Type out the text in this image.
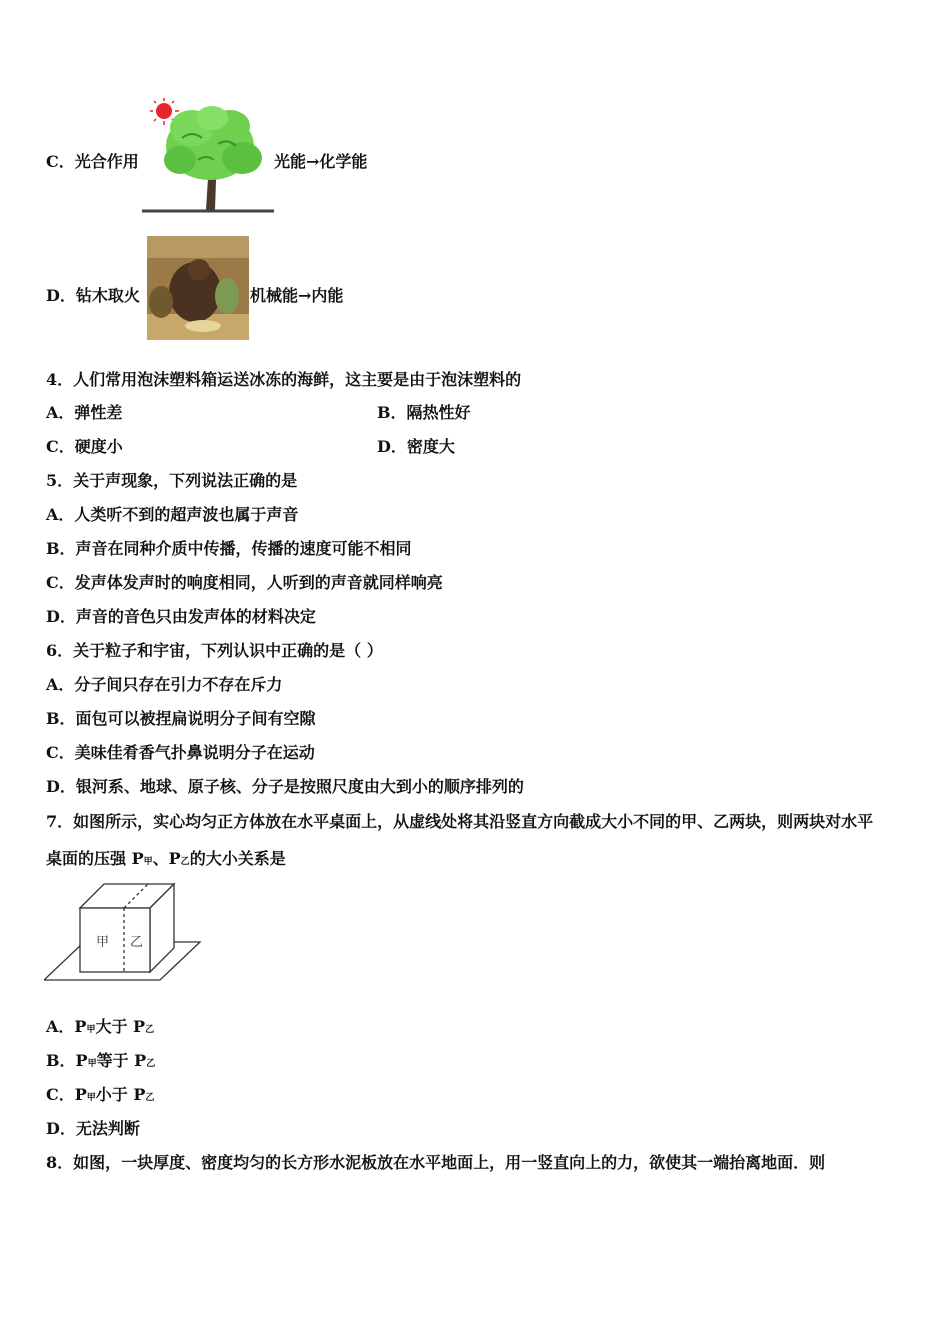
C．光合作用	光能→化学能
D．钻木取火	机械能→内能
4．人们常用泡沫塑料箱运送冰冻的海鲜，这主要是由于泡沫塑料的
A．弹性差	B．隔热性好
C．硬度小	D．密度大
5．关于声现象，下列说法正确的是
A．人类听不到的超声波也属于声音
B．声音在同种介质中传播，传播的速度可能不相同
C．发声体发声时的响度相同，人听到的声音就同样响亮
D．声音的音色只由发声体的材料决定
6．关于粒子和宇宙，下列认识中正确的是（ ）
A．分子间只存在引力不存在斥力
B．面包可以被捏扁说明分子间有空隙
C．美味佳肴香气扑鼻说明分子在运动
D．银河系、地球、原子核、分子是按照尺度由大到小的顺序排列的
7．如图所示，实心均匀正方体放在水平桌面上，从虚线处将其沿竖直方向截成大小不同的甲、乙两块，则两块对水平
桌面的压强 P甲、P乙的大小关系是
甲 乙
A．P甲大于 P乙
B．P甲等于 P乙
C．P甲小于 P乙
D．无法判断
8．如图，一块厚度、密度均匀的长方形水泥板放在水平地面上，用一竖直向上的力，欲使其一端抬离地面．则
